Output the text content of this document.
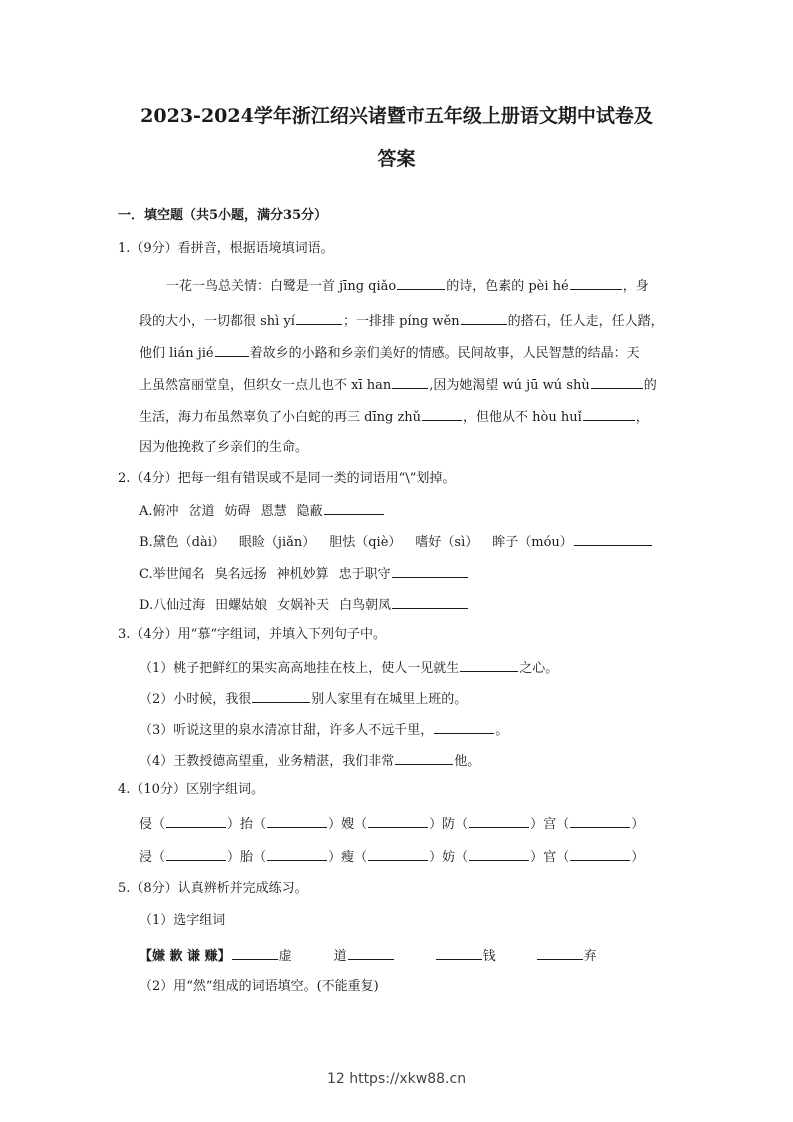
2023-2024学年浙江绍兴诸暨市五年级上册语文期中试卷及
答案
一．填空题（共5小题，满分35分）
1.（9分）看拼音，根据语境填词语。
一花一鸟总关情：白鹭是一首 jīng qiǎo	的诗，色素的 pèi hé	，身
段的大小，一切都很 shì yí	；一排排 píng wěn	的搭石，任人走，任人踏，
他们 lián jié	着故乡的小路和乡亲们美好的情感。民间故事，人民智慧的结晶：天
上虽然富丽堂皇，但织女一点儿也不 xī han	,因为她渴望 wú jū wú shù	的
生活，海力布虽然辜负了小白蛇的再三 dīng zhǔ	，但他从不 hòu huǐ	，
因为他挽救了乡亲们的生命。
2.（4分）把每一组有错误或不是同一类的词语用“\”划掉。
A.俯冲 岔道 妨碍 恩慧 隐蔽
B.黛色（dài） 眼睑（jiǎn） 胆怯（qiè） 嗜好（sì） 眸子（móu）
C.举世闻名 臭名远扬 神机妙算 忠于职守
D.八仙过海 田螺姑娘 女娲补天 白鸟朝凤
3.（4分）用“慕“字组词，并填入下列句子中。
（1）桃子把鲜红的果实高高地挂在枝上，使人一见就生	之心。
（2）小时候，我很	别人家里有在城里上班的。
（3）听说这里的泉水清凉甘甜，许多人不远千里，	。
（4）王教授德高望重，业务精湛，我们非常	他。
4.（10分）区别字组词。
侵（	）抬（	）嫂（	）防（	）宫（	）
浸（	）胎（	）瘦（	）妨（	）官（	）
5.（8分）认真辨析并完成练习。
（1）选字组词
【嫌 歉 谦 赚】	虚	道	钱	弃
（2）用“然”组成的词语填空。(不能重复)
12 https://xkw88.cn
